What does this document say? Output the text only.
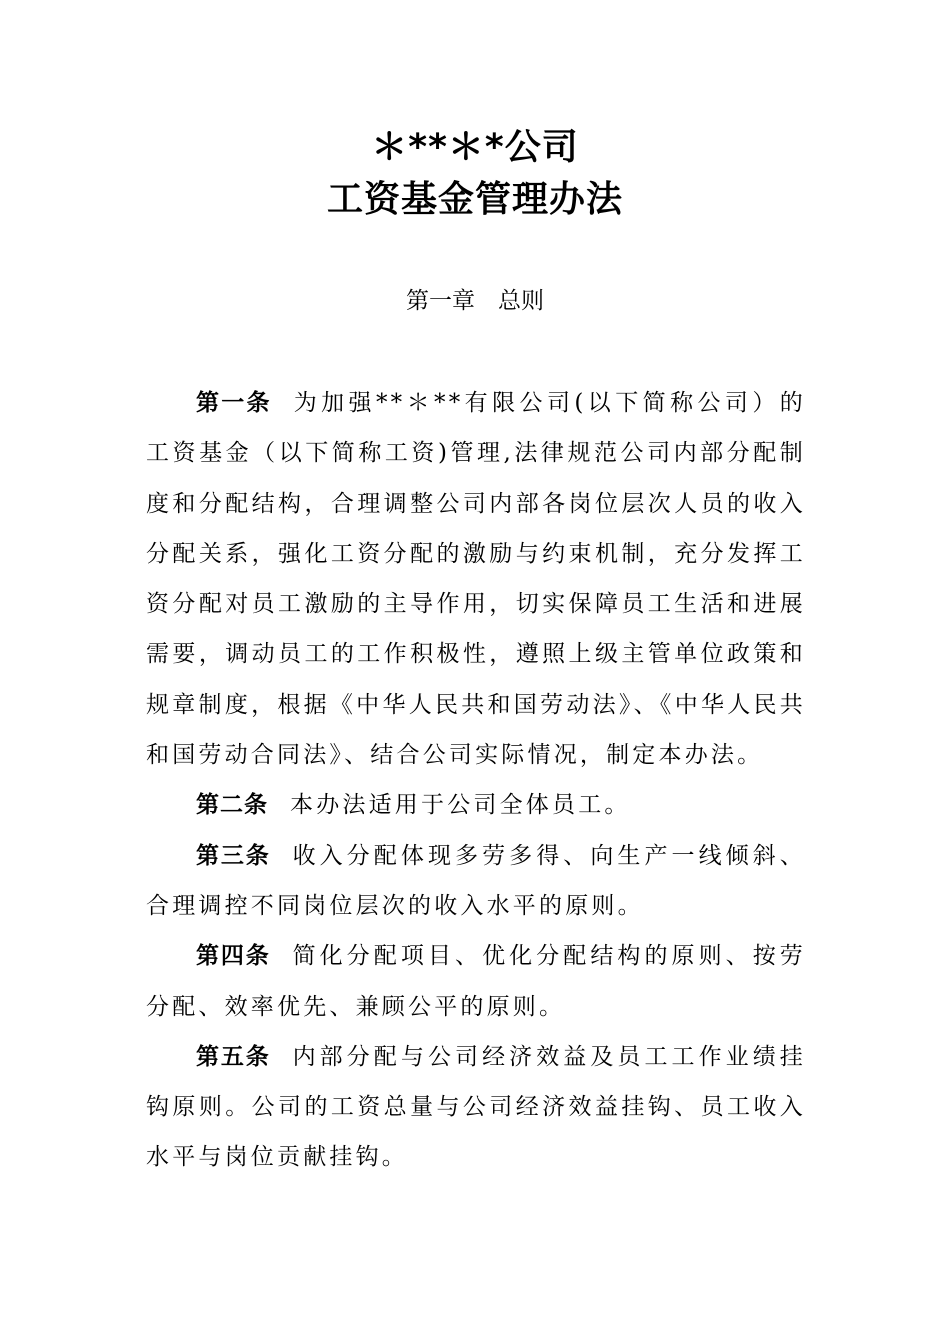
＊**＊*公司
工资基金管理办法
第一章　总则

第一条 为加强**＊**有限公司(以下简称公司）的工资基金（以下简称工资)管理,法律规范公司内部分配制度和分配结构，合理调整公司内部各岗位层次人员的收入分配关系，强化工资分配的激励与约束机制，充分发挥工资分配对员工激励的主导作用，切实保障员工生活和进展需要，调动员工的工作积极性，遵照上级主管单位政策和规章制度，根据《中华人民共和国劳动法》、《中华人民共和国劳动合同法》、结合公司实际情况，制定本办法。

第二条 本办法适用于公司全体员工。

第三条 收入分配体现多劳多得、向生产一线倾斜、合理调控不同岗位层次的收入水平的原则。

第四条 简化分配项目、优化分配结构的原则、按劳分配、效率优先、兼顾公平的原则。

第五条 内部分配与公司经济效益及员工工作业绩挂钩原则。公司的工资总量与公司经济效益挂钩、员工收入水平与岗位贡献挂钩。
